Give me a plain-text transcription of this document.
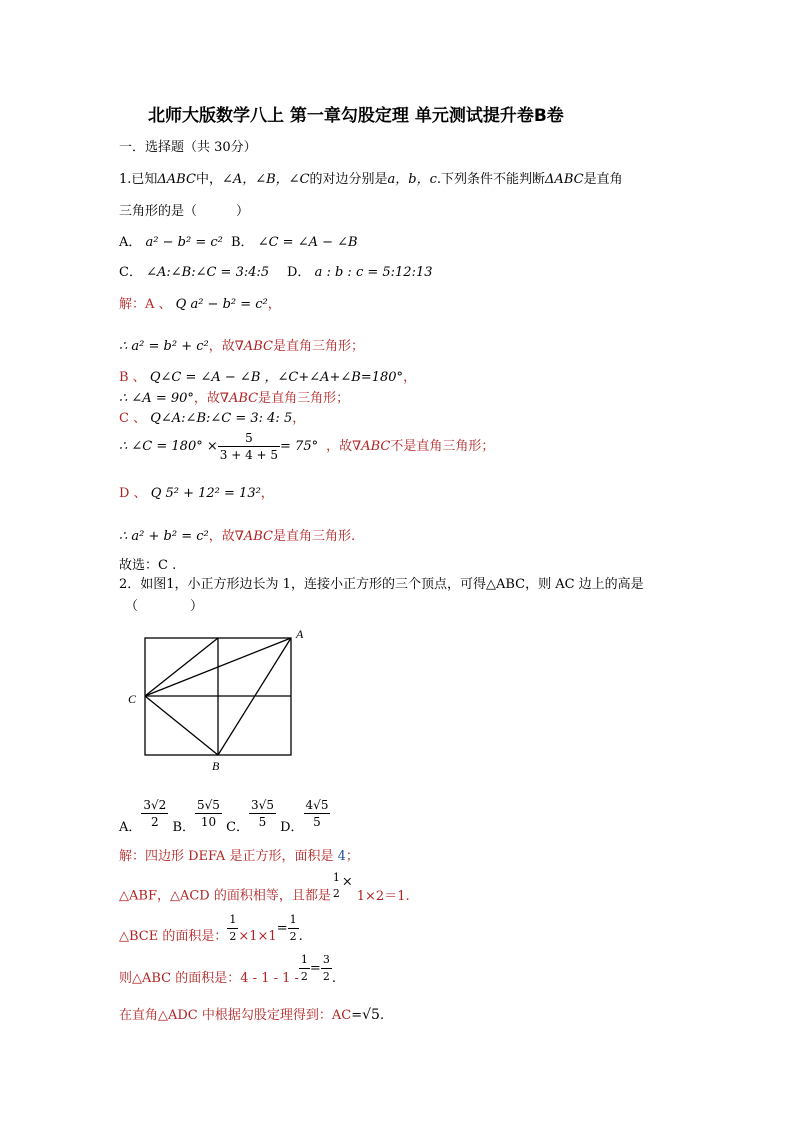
北师大版数学八上 第一章勾股定理 单元测试提升卷B卷
一．选择题（共 30分）
1.已知ΔABC中，∠A，∠B，∠C的对边分别是a，b，c.下列条件不能判断ΔABC是直角
三角形的是（　　　）
A． a² − b² = c² B． ∠C = ∠A − ∠B
C． ∠A:∠B:∠C = 3:4:5 D． a : b : c = 5:12:13
解：A 、 Q a² − b² = c²，
∴ a² = b² + c²，故∇ABC是直角三角形；
B 、 Q∠C = ∠A − ∠B ，∠C+∠A+∠B=180°，
∴ ∠A = 90°，故∇ABC是直角三角形；
C 、 Q∠A:∠B:∠C = 3: 4: 5，
∴ ∠C = $180^\circ \times \frac{5}{3 + 4 + 5} = 75^\circ$ ，故∇ABC不是直角三角形；
D 、 Q 5² + 12² = 13²，
∴ a² + b² = c²，故∇ABC是直角三角形.
故选：C .
2．如图1，小正方形边长为 1，连接小正方形的三个顶点，可得△ABC，则 AC 边上的高是
（　　　　）
A
C
B
A． $\frac{3√2}{2}$ B． $\frac{5√5}{10}$ C． $\frac{3√5}{5}$ D． $\frac{4√5}{5}$
解：四边形 DEFA 是正方形，面积是 4；
△ABF，△ACD 的面积相等，且都是
1
2
×1×2＝1.
△BCE 的面积是： $\frac{1}{2} \times 1\times 1= \frac{1}{2}$ .
则△ABC 的面积是：$4 - 1 - 1 - \frac{1}{2} = \frac{3}{2}$ .
在直角△ADC 中根据勾股定理得到：AC=√5.
